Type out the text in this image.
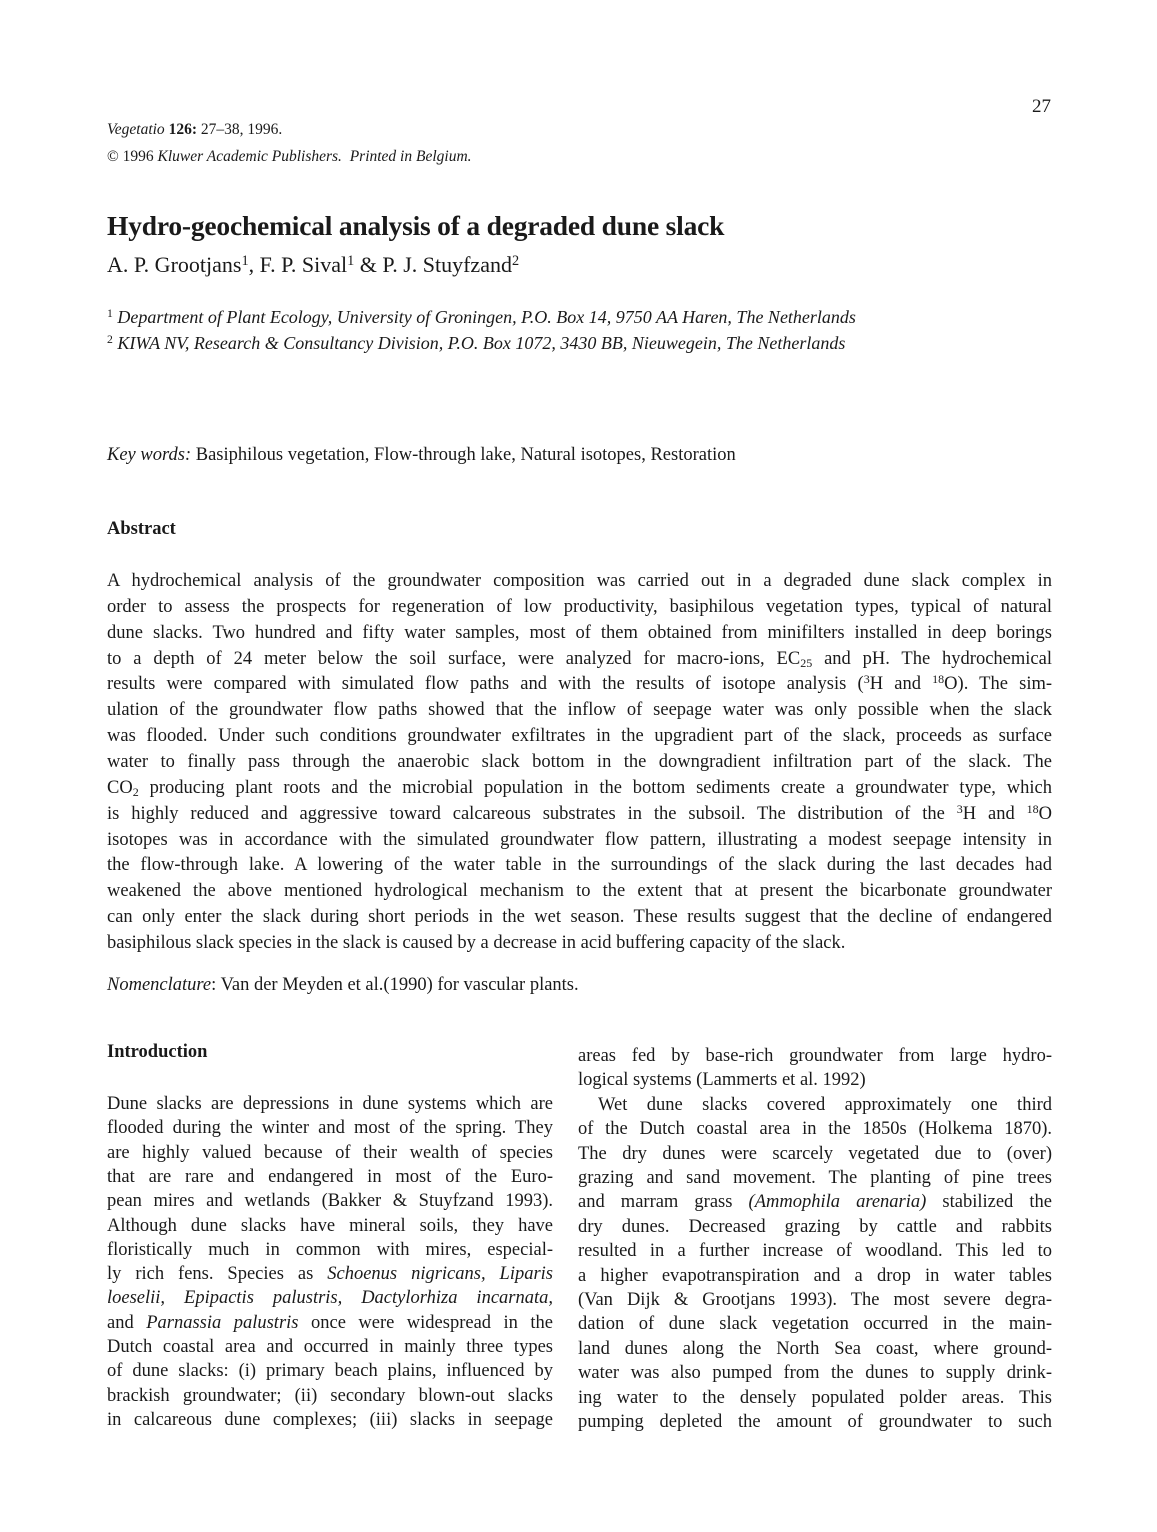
Vegetatio 126: 27–38, 1996.
© 1996 Kluwer Academic Publishers. Printed in Belgium.
27
Hydro-geochemical analysis of a degraded dune slack
A. P. Grootjans$^1$, F. P. Sival$^1$ & P. J. Stuyfzand$^2$
$^1$ Department of Plant Ecology, University of Groningen, P.O. Box 14, 9750 AA Haren, The Netherlands
$^2$ KIWA NV, Research & Consultancy Division, P.O. Box 1072, 3430 BB, Nieuwegein, The Netherlands
Key words: Basiphilous vegetation, Flow-through lake, Natural isotopes, Restoration
Abstract
A hydrochemical analysis of the groundwater composition was carried out in a degraded dune slack complex in
order to assess the prospects for regeneration of low productivity, basiphilous vegetation types, typical of natural
dune slacks. Two hundred and fifty water samples, most of them obtained from minifilters installed in deep borings
to a depth of 24 meter below the soil surface, were analyzed for macro-ions, $EC_{25}$ and pH. The hydrochemical
results were compared with simulated flow paths and with the results of isotope analysis ($^3$H and $^{18}$O). The sim-
ulation of the groundwater flow paths showed that the inflow of seepage water was only possible when the slack
was flooded. Under such conditions groundwater exfiltrates in the upgradient part of the slack, proceeds as surface
water to finally pass through the anaerobic slack bottom in the downgradient infiltration part of the slack. The
$CO_2$ producing plant roots and the microbial population in the bottom sediments create a groundwater type, which
is highly reduced and aggressive toward calcareous substrates in the subsoil. The distribution of the $^3$H and $^{18}$O
isotopes was in accordance with the simulated groundwater flow pattern, illustrating a modest seepage intensity in
the flow-through lake. A lowering of the water table in the surroundings of the slack during the last decades had
weakened the above mentioned hydrological mechanism to the extent that at present the bicarbonate groundwater
can only enter the slack during short periods in the wet season. These results suggest that the decline of endangered
basiphilous slack species in the slack is caused by a decrease in acid buffering capacity of the slack.
Nomenclature: Van der Meyden et al.(1990) for vascular plants.
Introduction
Dune slacks are depressions in dune systems which are
flooded during the winter and most of the spring. They
are highly valued because of their wealth of species
that are rare and endangered in most of the Euro-
pean mires and wetlands (Bakker & Stuyfzand 1993).
Although dune slacks have mineral soils, they have
floristically much in common with mires, especial-
ly rich fens. Species as Schoenus nigricans, Liparis
loeselii, Epipactis palustris, Dactylorhiza incarnata,
and Parnassia palustris once were widespread in the
Dutch coastal area and occurred in mainly three types
of dune slacks: (i) primary beach plains, influenced by
brackish groundwater; (ii) secondary blown-out slacks
in calcareous dune complexes; (iii) slacks in seepage
areas fed by base-rich groundwater from large hydro-
logical systems (Lammerts et al. 1992)
Wet dune slacks covered approximately one third
of the Dutch coastal area in the 1850s (Holkema 1870).
The dry dunes were scarcely vegetated due to (over)
grazing and sand movement. The planting of pine trees
and marram grass (Ammophila arenaria) stabilized the
dry dunes. Decreased grazing by cattle and rabbits
resulted in a further increase of woodland. This led to
a higher evapotranspiration and a drop in water tables
(Van Dijk & Grootjans 1993). The most severe degra-
dation of dune slack vegetation occurred in the main-
land dunes along the North Sea coast, where ground-
water was also pumped from the dunes to supply drink-
ing water to the densely populated polder areas. This
pumping depleted the amount of groundwater to such
